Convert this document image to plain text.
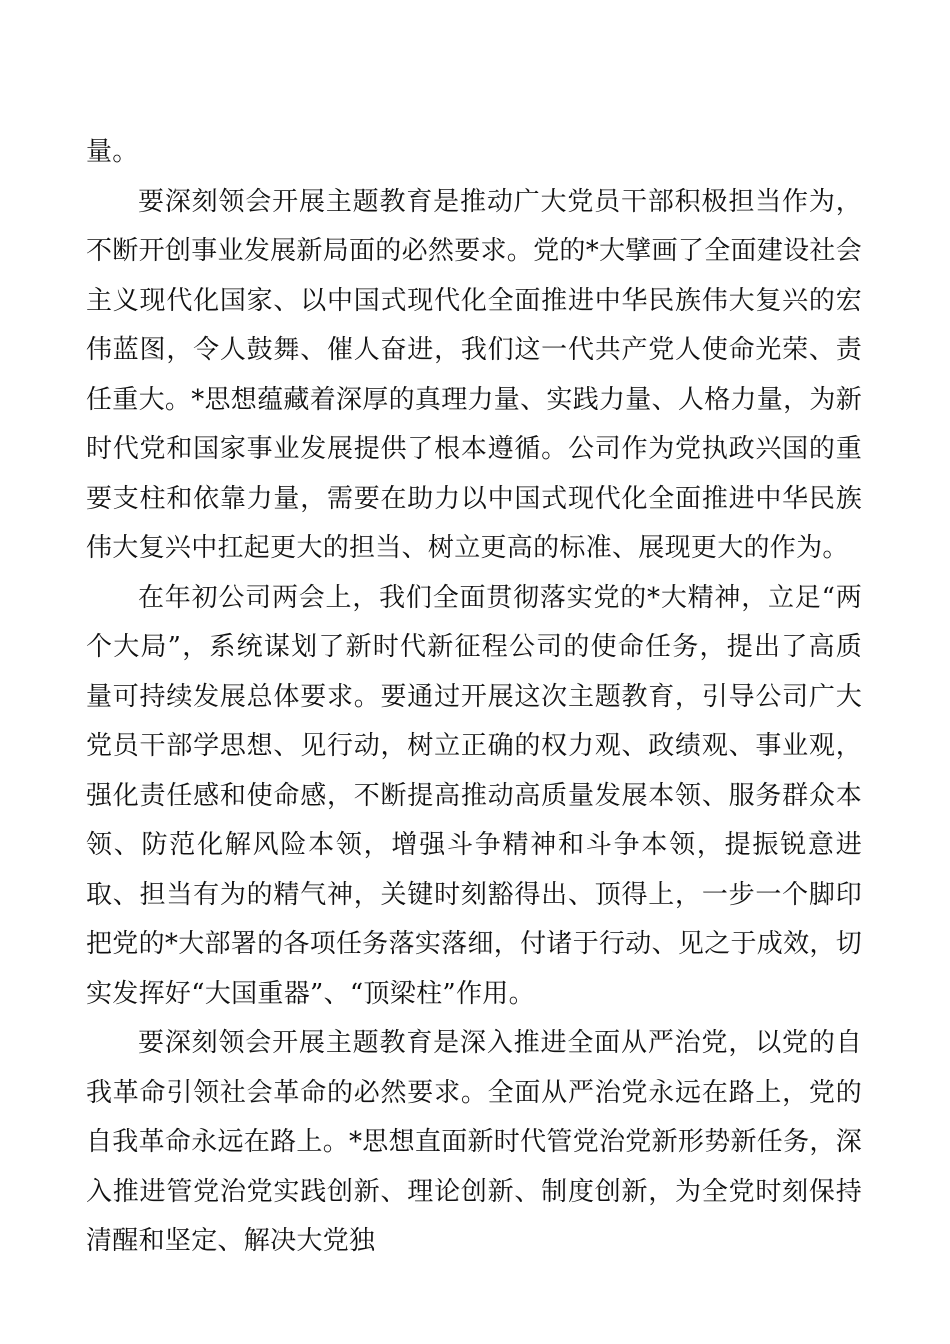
量。

要深刻领会开展主题教育是推动广大党员干部积极担当作为，不断开创事业发展新局面的必然要求。党的*大擘画了全面建设社会主义现代化国家、以中国式现代化全面推进中华民族伟大复兴的宏伟蓝图，令人鼓舞、催人奋进，我们这一代共产党人使命光荣、责任重大。*思想蕴藏着深厚的真理力量、实践力量、人格力量，为新时代党和国家事业发展提供了根本遵循。公司作为党执政兴国的重要支柱和依靠力量，需要在助力以中国式现代化全面推进中华民族伟大复兴中扛起更大的担当、树立更高的标准、展现更大的作为。

在年初公司两会上，我们全面贯彻落实党的*大精神，立足“两个大局”，系统谋划了新时代新征程公司的使命任务，提出了高质量可持续发展总体要求。要通过开展这次主题教育，引导公司广大党员干部学思想、见行动，树立正确的权力观、政绩观、事业观，强化责任感和使命感，不断提高推动高质量发展本领、服务群众本领、防范化解风险本领，增强斗争精神和斗争本领，提振锐意进取、担当有为的精气神，关键时刻豁得出、顶得上，一步一个脚印把党的*大部署的各项任务落实落细，付诸于行动、见之于成效，切实发挥好“大国重器”、“顶梁柱”作用。

要深刻领会开展主题教育是深入推进全面从严治党，以党的自我革命引领社会革命的必然要求。全面从严治党永远在路上，党的自我革命永远在路上。*思想直面新时代管党治党新形势新任务，深入推进管党治党实践创新、理论创新、制度创新，为全党时刻保持清醒和坚定、解决大党独
